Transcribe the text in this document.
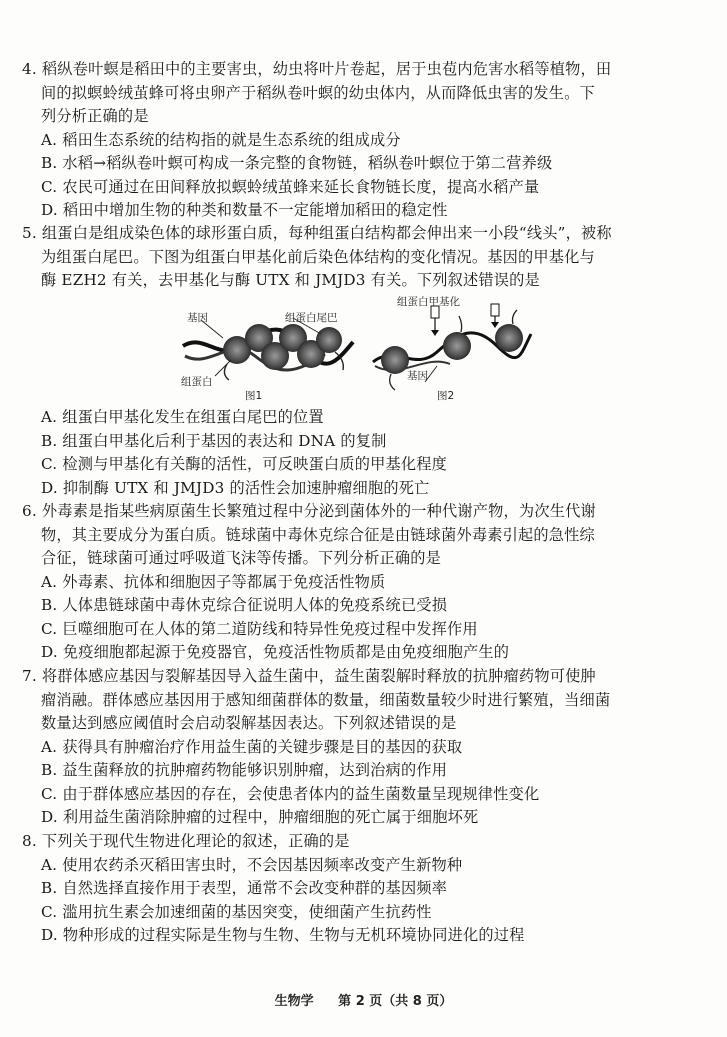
4. 稻纵卷叶螟是稻田中的主要害虫，幼虫将叶片卷起，居于虫苞内危害水稻等植物，田
间的拟螟蛉绒茧蜂可将虫卵产于稻纵卷叶螟的幼虫体内，从而降低虫害的发生。下
列分析正确的是
A. 稻田生态系统的结构指的就是生态系统的组成成分
B. 水稻→稻纵卷叶螟可构成一条完整的食物链，稻纵卷叶螟位于第二营养级
C. 农民可通过在田间释放拟螟蛉绒茧蜂来延长食物链长度，提高水稻产量
D. 稻田中增加生物的种类和数量不一定能增加稻田的稳定性
5. 组蛋白是组成染色体的球形蛋白质，每种组蛋白结构都会伸出来一小段“线头”，被称
为组蛋白尾巴。下图为组蛋白甲基化前后染色体结构的变化情况。基因的甲基化与
酶 EZH2 有关，去甲基化与酶 UTX 和 JMJD3 有关。下列叙述错误的是
基因	组蛋白尾巴
组蛋白
图1
组蛋白甲基化
基因
图2
A. 组蛋白甲基化发生在组蛋白尾巴的位置
B. 组蛋白甲基化后利于基因的表达和 DNA 的复制
C. 检测与甲基化有关酶的活性，可反映蛋白质的甲基化程度
D. 抑制酶 UTX 和 JMJD3 的活性会加速肿瘤细胞的死亡
6. 外毒素是指某些病原菌生长繁殖过程中分泌到菌体外的一种代谢产物，为次生代谢
物，其主要成分为蛋白质。链球菌中毒休克综合征是由链球菌外毒素引起的急性综
合征，链球菌可通过呼吸道飞沫等传播。下列分析正确的是
A. 外毒素、抗体和细胞因子等都属于免疫活性物质
B. 人体患链球菌中毒休克综合征说明人体的免疫系统已受损
C. 巨噬细胞可在人体的第二道防线和特异性免疫过程中发挥作用
D. 免疫细胞都起源于免疫器官，免疫活性物质都是由免疫细胞产生的
7. 将群体感应基因与裂解基因导入益生菌中，益生菌裂解时释放的抗肿瘤药物可使肿
瘤消融。群体感应基因用于感知细菌群体的数量，细菌数量较少时进行繁殖，当细菌
数量达到感应阈值时会启动裂解基因表达。下列叙述错误的是
A. 获得具有肿瘤治疗作用益生菌的关键步骤是目的基因的获取
B. 益生菌释放的抗肿瘤药物能够识别肿瘤，达到治病的作用
C. 由于群体感应基因的存在，会使患者体内的益生菌数量呈现规律性变化
D. 利用益生菌消除肿瘤的过程中，肿瘤细胞的死亡属于细胞坏死
8. 下列关于现代生物进化理论的叙述，正确的是
A. 使用农药杀灭稻田害虫时，不会因基因频率改变产生新物种
B. 自然选择直接作用于表型，通常不会改变种群的基因频率
C. 滥用抗生素会加速细菌的基因突变，使细菌产生抗药性
D. 物种形成的过程实际是生物与生物、生物与无机环境协同进化的过程
生物学 第 2 页（共 8 页）
